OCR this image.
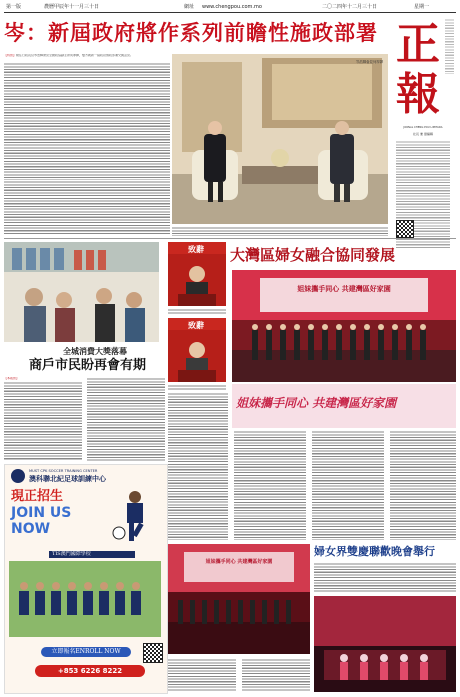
第一版	農曆甲辰年十一月三十日	網址 www.chengpou.com.mo	二〇二四年十二月三十日	星期一
岑：新屆政府將作系列前瞻性施政部署 正
報
JORNAL CHENG POU LIMITADA
社長 兼 總編輯
【特訊】候任行政長官岑浩輝會見全國政協副主席何厚鏵，雙方就新一屆政府施政部署交換意見。
岑浩輝會見何厚鏵
全城消費大獎落幕
商戶市民盼再會有期
【本報訊】
致辭
致辭
大灣區婦女融合協同發展
姐妹攜手同心 共建灣區好家園
姐妹攜手同心 共建灣區好家園
MUST CPK SOCCER TRAINING CENTER
澳科聯北紀足球訓練中心
現正招生
JOIN US NOW
TIS澳門國際學校
立即報名ENROLL NOW
+853 6226 8222
姐妹攜手同心 共建灣區好家園
婦女界雙慶聯歡晚會舉行
